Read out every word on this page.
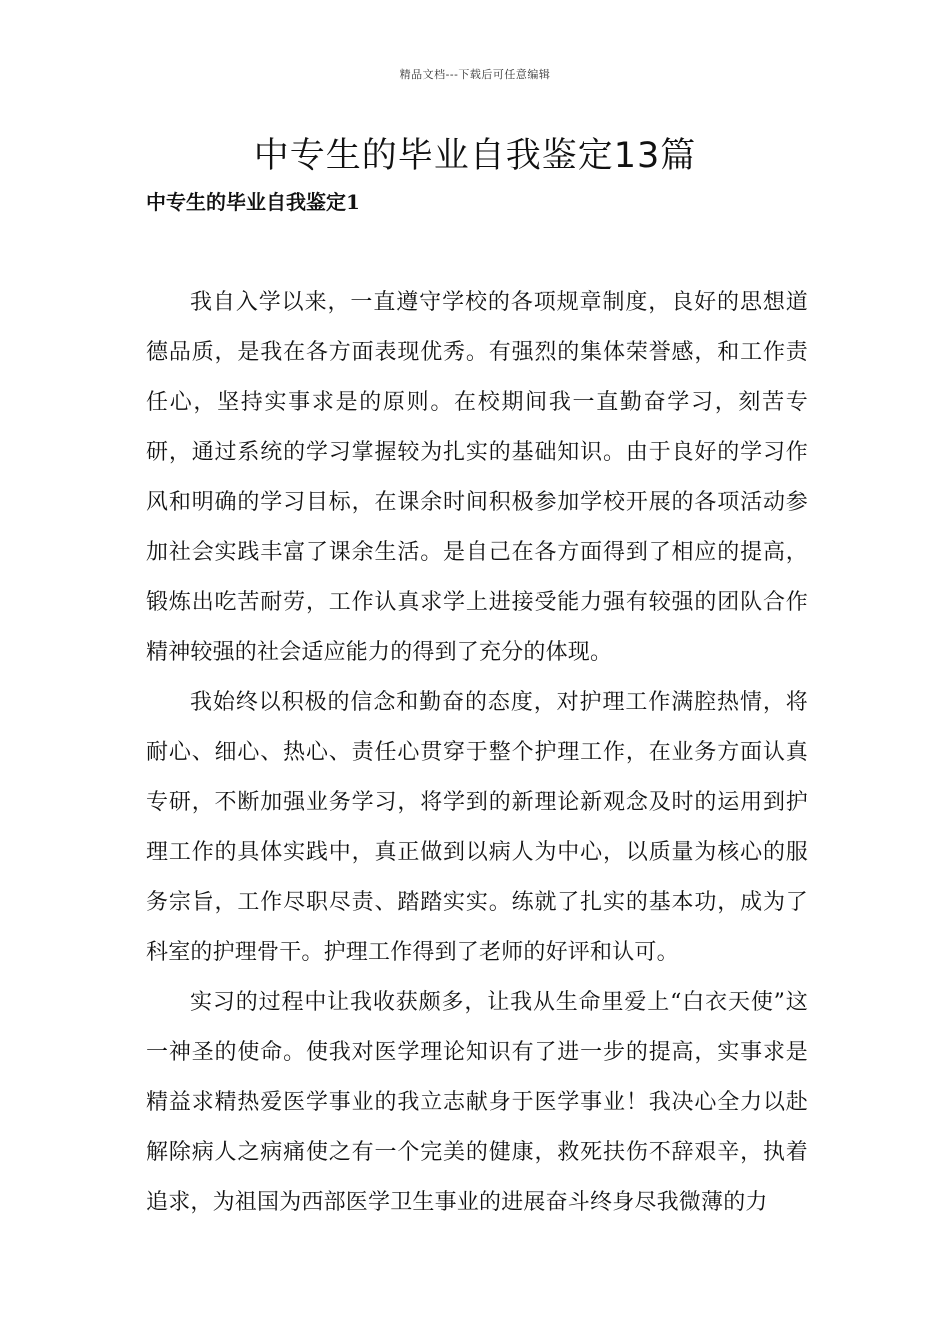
精品文档---下载后可任意编辑
中专生的毕业自我鉴定13篇
中专生的毕业自我鉴定1

我自入学以来，一直遵守学校的各项规章制度，良好的思想道德品质，是我在各方面表现优秀。有强烈的集体荣誉感，和工作责任心，坚持实事求是的原则。在校期间我一直勤奋学习，刻苦专研，通过系统的学习掌握较为扎实的基础知识。由于良好的学习作风和明确的学习目标，在课余时间积极参加学校开展的各项活动参加社会实践丰富了课余生活。是自己在各方面得到了相应的提高，锻炼出吃苦耐劳，工作认真求学上进接受能力强有较强的团队合作精神较强的社会适应能力的得到了充分的体现。

我始终以积极的信念和勤奋的态度，对护理工作满腔热情，将耐心、细心、热心、责任心贯穿于整个护理工作，在业务方面认真专研，不断加强业务学习，将学到的新理论新观念及时的运用到护理工作的具体实践中，真正做到以病人为中心，以质量为核心的服务宗旨，工作尽职尽责、踏踏实实。练就了扎实的基本功，成为了科室的护理骨干。护理工作得到了老师的好评和认可。

实习的过程中让我收获颇多，让我从生命里爱上“白衣天使”这一神圣的使命。使我对医学理论知识有了进一步的提高，实事求是精益求精热爱医学事业的我立志献身于医学事业！我决心全力以赴解除病人之病痛使之有一个完美的健康，救死扶伤不辞艰辛，执着追求，为祖国为西部医学卫生事业的进展奋斗终身尽我微薄的力
